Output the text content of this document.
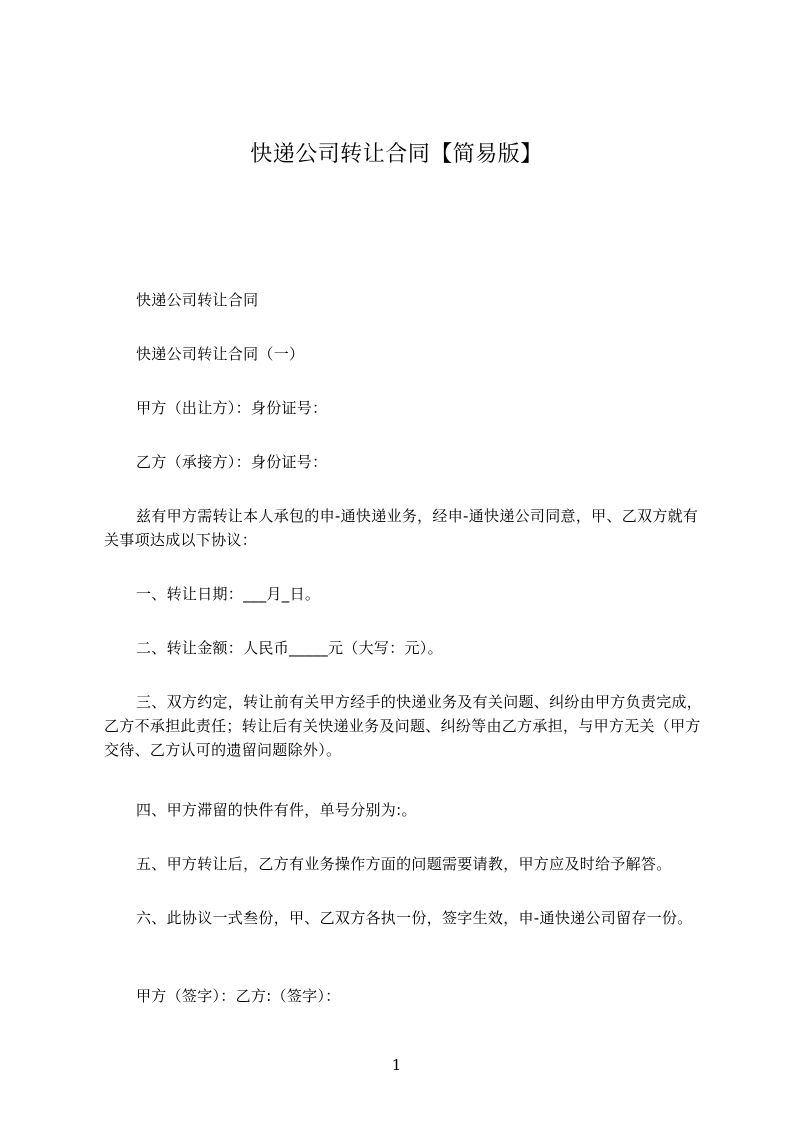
快递公司转让合同【简易版】

快递公司转让合同

快递公司转让合同（一）

甲方（出让方）：身份证号：

乙方（承接方）：身份证号：

兹有甲方需转让本人承包的申-通快递业务，经申-通快递公司同意，甲、乙双方就有关事项达成以下协议：

一、转让日期：___月_日。

二、转让金额：人民币_____元（大写：元）。

三、双方约定，转让前有关甲方经手的快递业务及有关问题、纠纷由甲方负责完成，乙方不承担此责任；转让后有关快递业务及问题、纠纷等由乙方承担，与甲方无关（甲方交待、乙方认可的遗留问题除外）。

四、甲方滞留的快件有件，单号分别为:。

五、甲方转让后，乙方有业务操作方面的问题需要请教，甲方应及时给予解答。

六、此协议一式叁份，甲、乙双方各执一份，签字生效，申-通快递公司留存一份。

甲方（签字）：乙方:（签字）：

1
